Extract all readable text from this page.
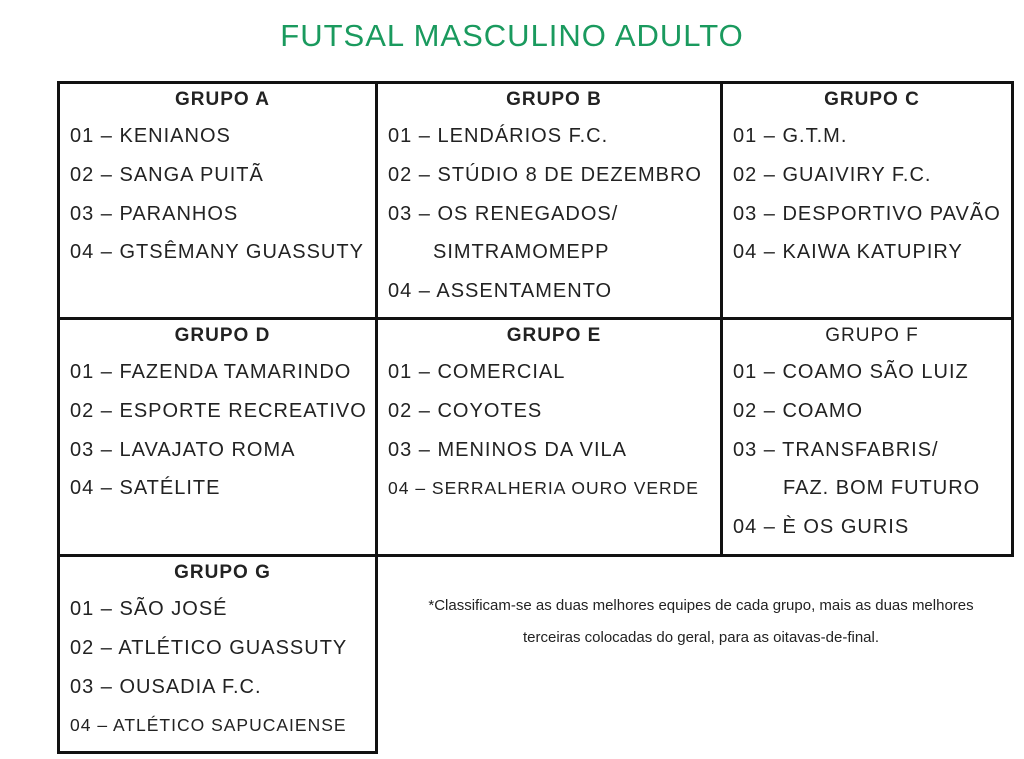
FUTSAL MASCULINO ADULTO
GRUPO A
01 – KENIANOS
02 – SANGA PUITÃ
03 – PARANHOS
04 – GTSÊMANY GUASSUTY
GRUPO B
01 – LENDÁRIOS F.C.
02 – STÚDIO 8 DE DEZEMBRO
03 – OS RENEGADOS/
SIMTRAMOMEPP
04 – ASSENTAMENTO
GRUPO C
01 – G.T.M.
02 – GUAIVIRY F.C.
03 – DESPORTIVO PAVÃO
04 – KAIWA KATUPIRY
GRUPO D
01 – FAZENDA TAMARINDO
02 – ESPORTE RECREATIVO
03 – LAVAJATO ROMA
04 – SATÉLITE
GRUPO E
01 – COMERCIAL
02 – COYOTES
03 – MENINOS DA VILA
04 – SERRALHERIA OURO VERDE
GRUPO F
01 – COAMO SÃO LUIZ
02 – COAMO
03 – TRANSFABRIS/
FAZ. BOM FUTURO
04 – È OS GURIS
GRUPO G
01 – SÃO JOSÉ
02 – ATLÉTICO GUASSUTY
03 – OUSADIA F.C.
04 – ATLÉTICO SAPUCAIENSE
*Classificam-se as duas melhores equipes de cada grupo, mais as duas melhores
terceiras colocadas do geral, para as oitavas-de-final.
